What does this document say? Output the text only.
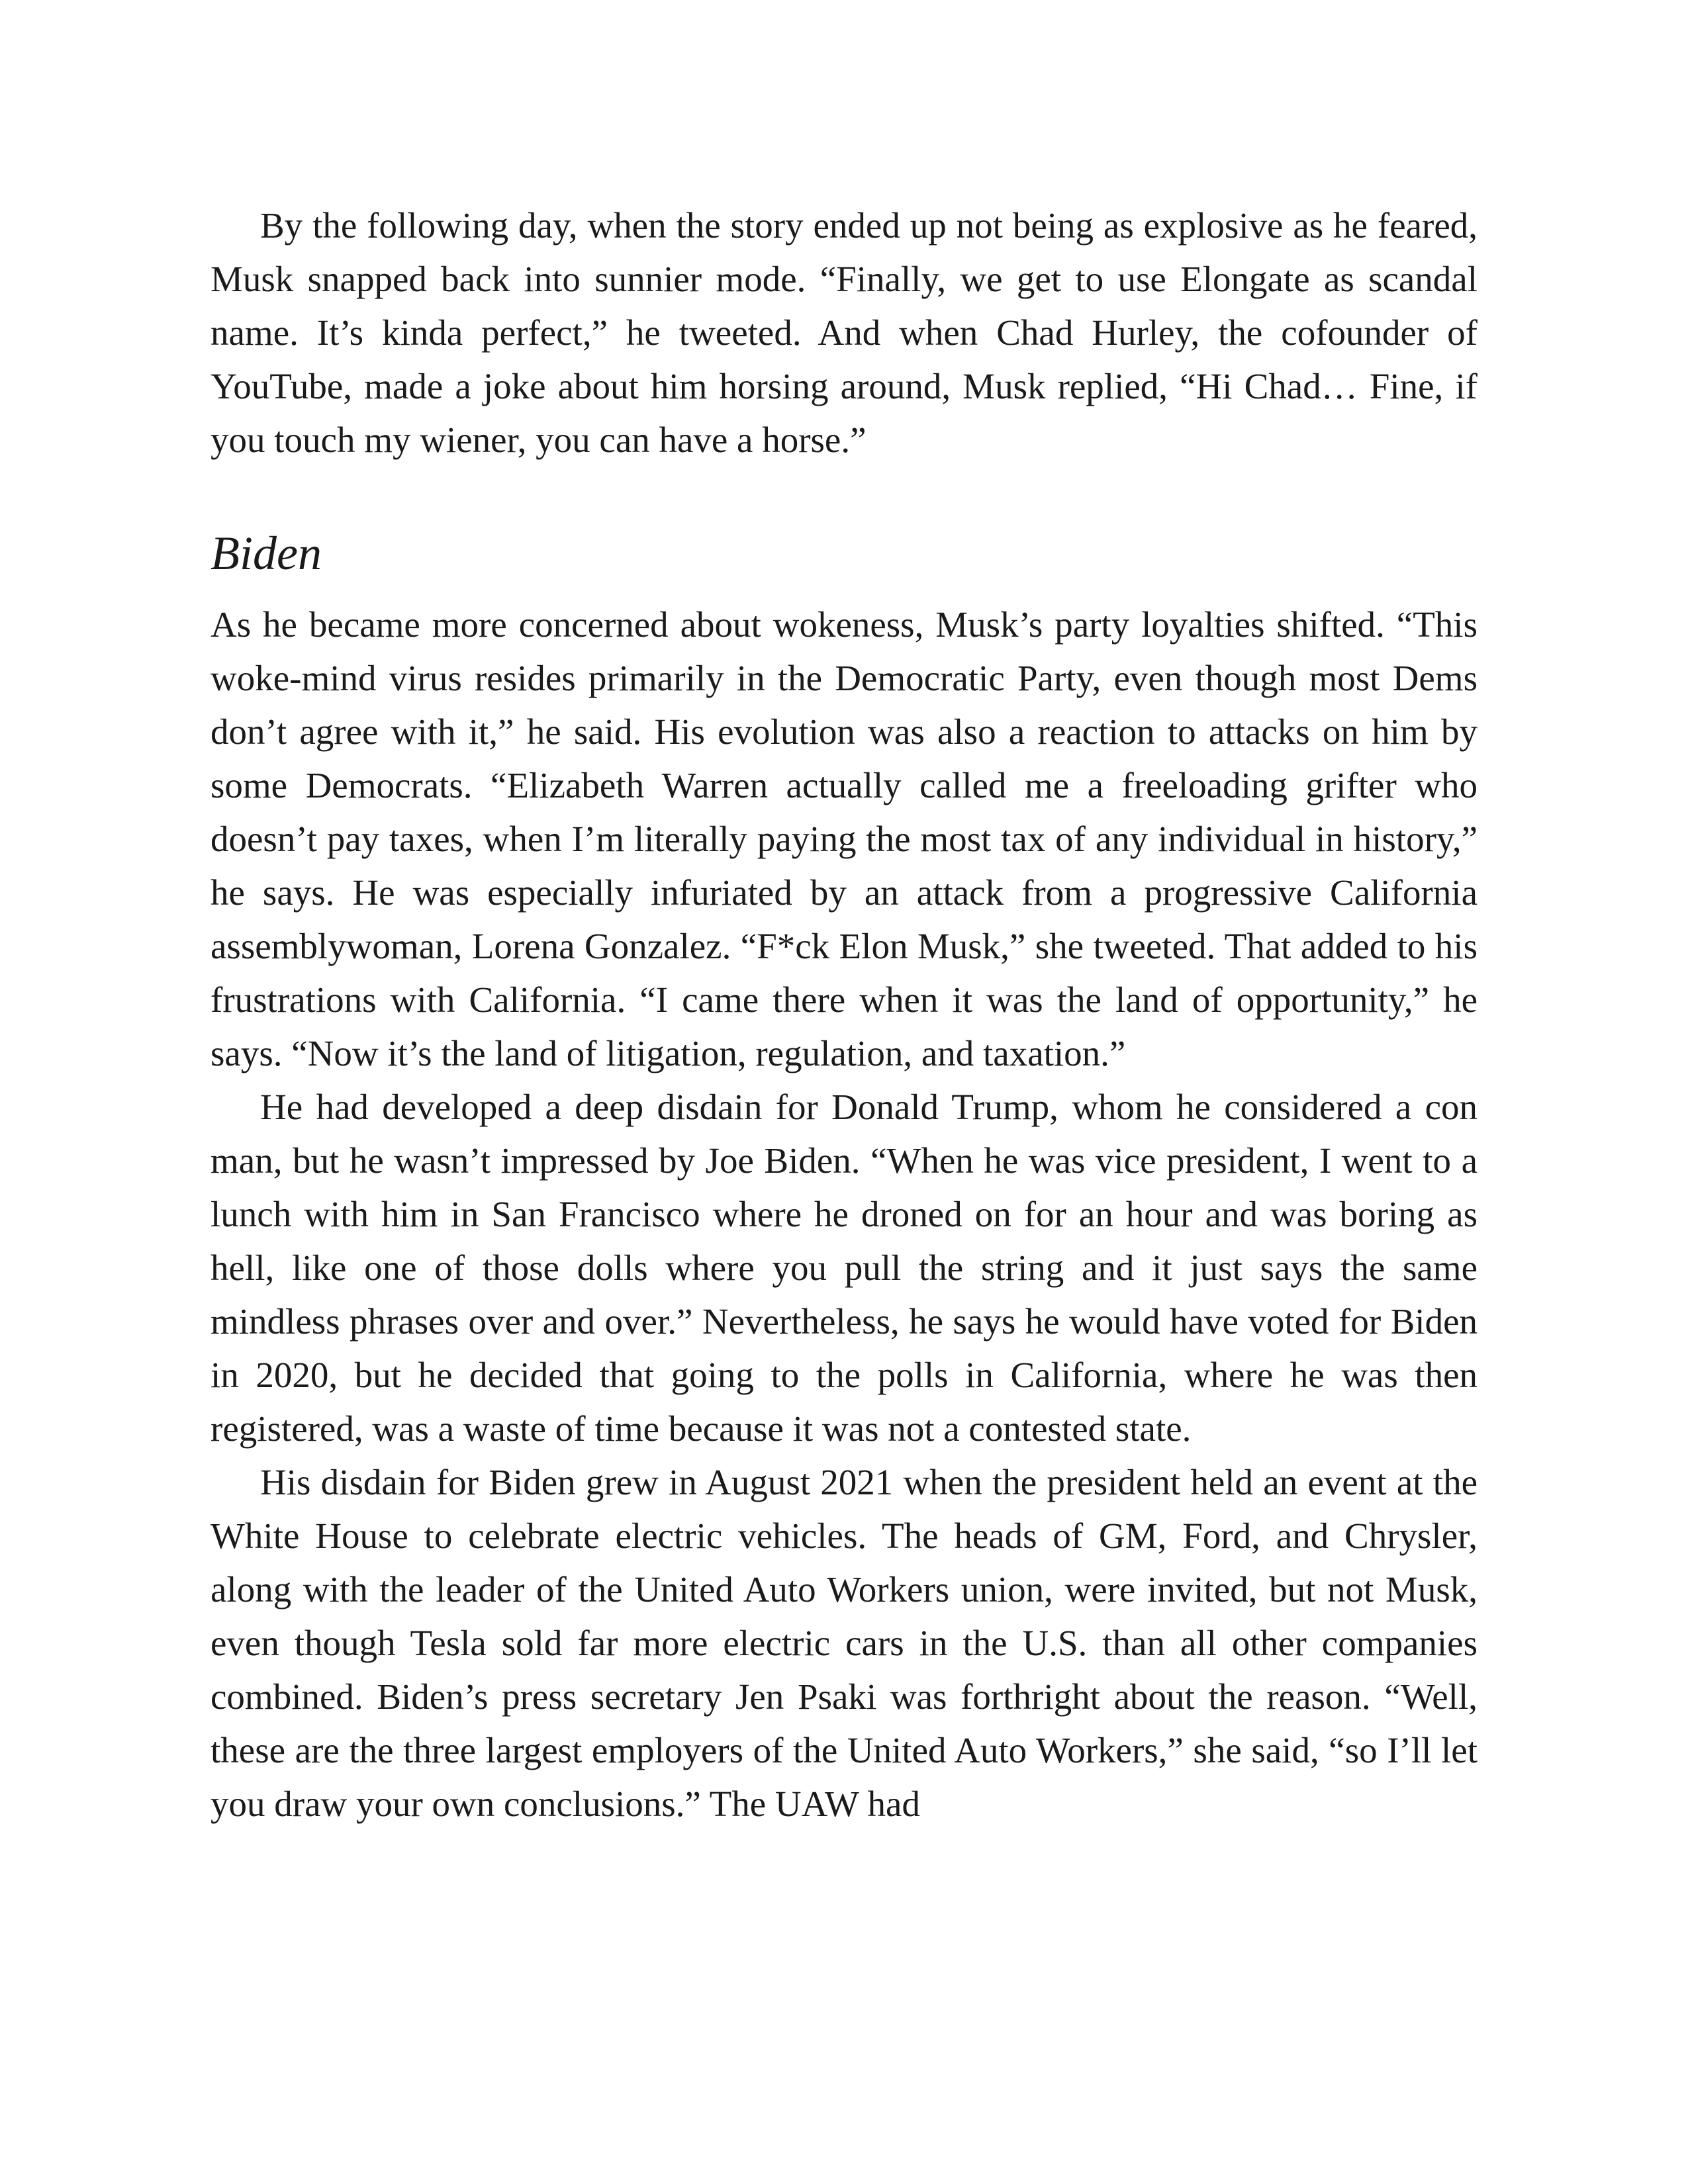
By the following day, when the story ended up not being as explosive as he feared, Musk snapped back into sunnier mode. “Finally, we get to use Elongate as scandal name. It’s kinda perfect,” he tweeted. And when Chad Hurley, the cofounder of YouTube, made a joke about him horsing around, Musk replied, “Hi Chad… Fine, if you touch my wiener, you can have a horse.”

Biden

As he became more concerned about wokeness, Musk’s party loyalties shifted. “This woke-mind virus resides primarily in the Democratic Party, even though most Dems don’t agree with it,” he said. His evolution was also a reaction to attacks on him by some Democrats. “Elizabeth Warren actually called me a freeloading grifter who doesn’t pay taxes, when I’m literally paying the most tax of any individual in history,” he says. He was especially infuriated by an attack from a progressive California assemblywoman, Lorena Gonzalez. “F*ck Elon Musk,” she tweeted. That added to his frustrations with California. “I came there when it was the land of opportunity,” he says. “Now it’s the land of litigation, regulation, and taxation.”

He had developed a deep disdain for Donald Trump, whom he considered a con man, but he wasn’t impressed by Joe Biden. “When he was vice president, I went to a lunch with him in San Francisco where he droned on for an hour and was boring as hell, like one of those dolls where you pull the string and it just says the same mindless phrases over and over.” Nevertheless, he says he would have voted for Biden in 2020, but he decided that going to the polls in California, where he was then registered, was a waste of time because it was not a contested state.

His disdain for Biden grew in August 2021 when the president held an event at the White House to celebrate electric vehicles. The heads of GM, Ford, and Chrysler, along with the leader of the United Auto Workers union, were invited, but not Musk, even though Tesla sold far more electric cars in the U.S. than all other companies combined. Biden’s press secretary Jen Psaki was forthright about the reason. “Well, these are the three largest employers of the United Auto Workers,” she said, “so I’ll let you draw your own conclusions.” The UAW had
